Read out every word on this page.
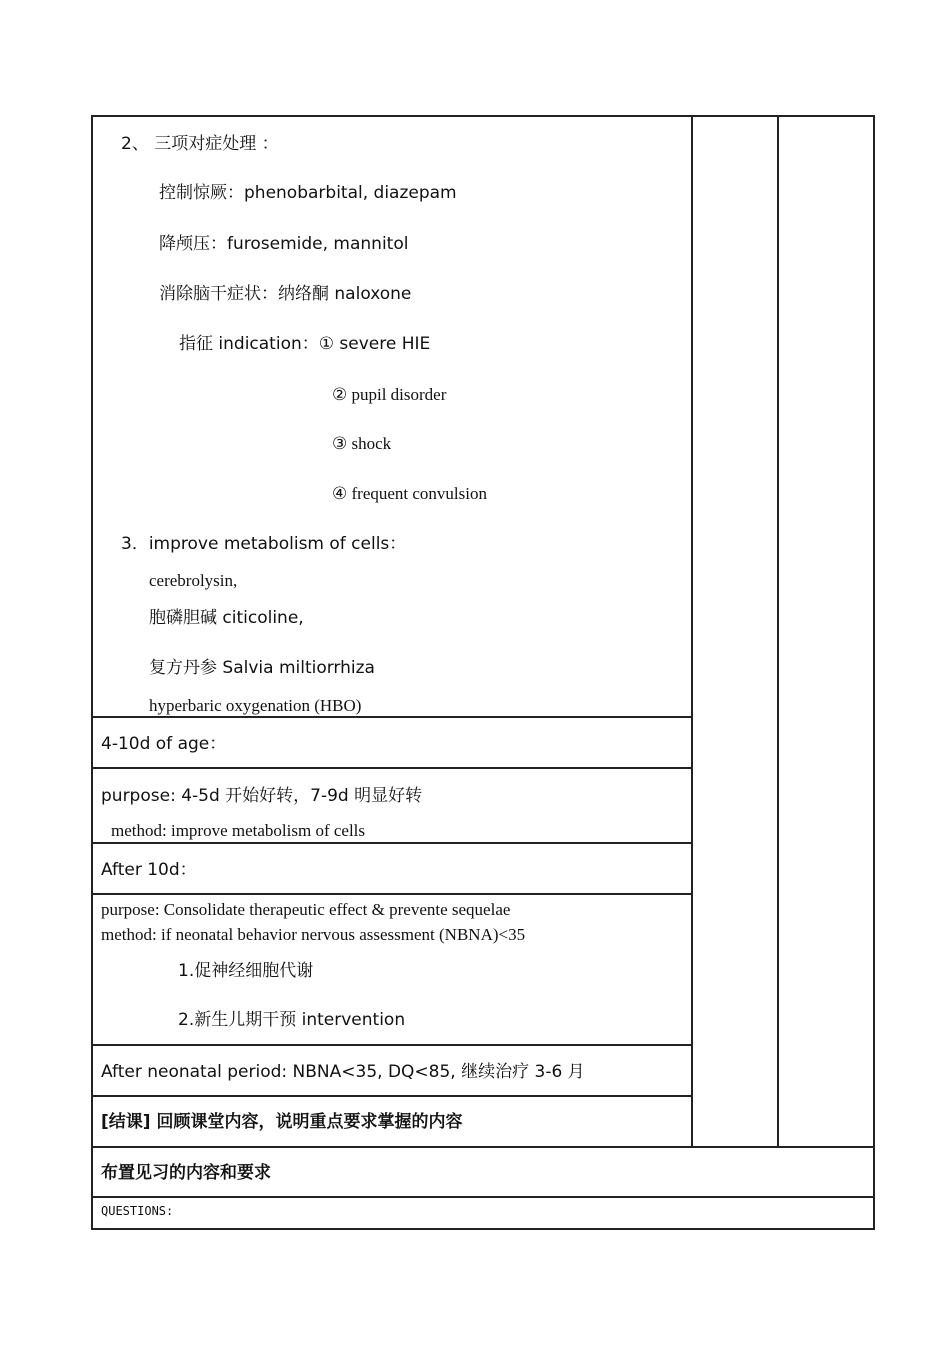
2、 三项对症处理 ：
控制惊厥：phenobarbital, diazepam
降颅压：furosemide, mannitol
消除脑干症状：纳络酮 naloxone
指征 indication：① severe HIE
② pupil disorder
③ shock
④ frequent convulsion
3．improve metabolism of cells：
cerebrolysin,
胞磷胆碱 citicoline,
复方丹参 Salvia miltiorrhiza
hyperbaric oxygenation (HBO)

4-10d of age：

purpose: 4-5d 开始好转，7-9d 明显好转
method: improve metabolism of cells

After 10d：

purpose: Consolidate therapeutic effect & prevente sequelae
method: if neonatal behavior nervous assessment (NBNA)<35
1.促神经细胞代谢
2.新生儿期干预 intervention

After neonatal period: NBNA<35, DQ<85, 继续治疗 3-6 月

[结课] 回顾课堂内容，说明重点要求掌握的内容

布置见习的内容和要求

QUESTIONS:
